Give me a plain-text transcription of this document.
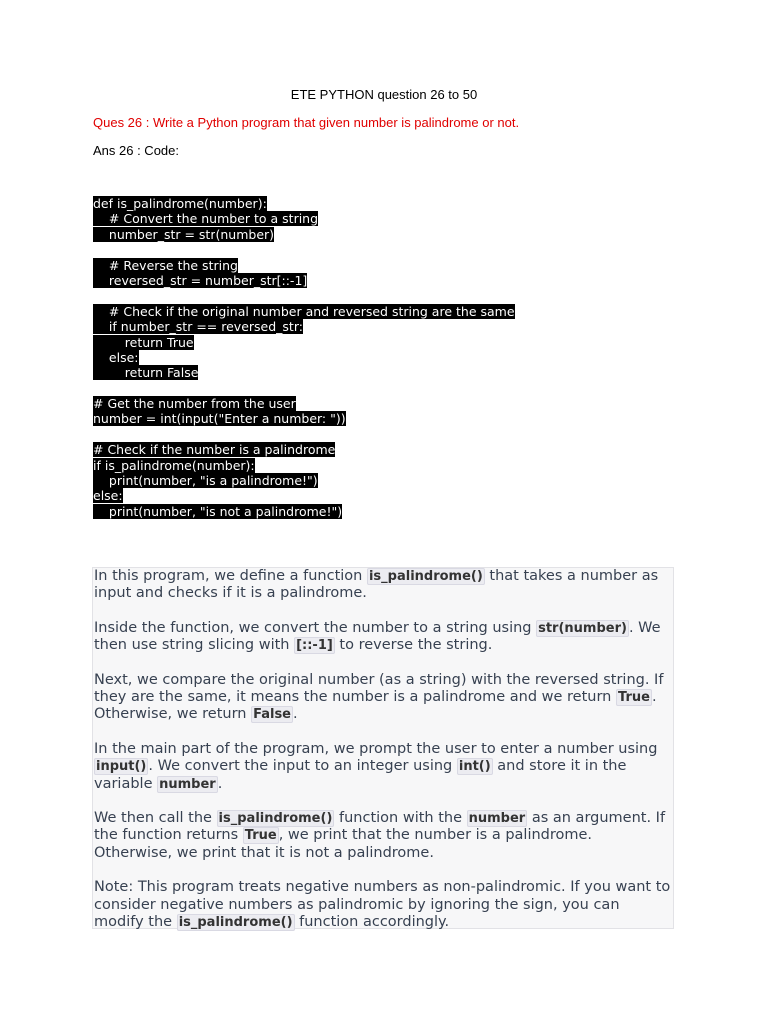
ETE PYTHON question 26 to 50

Ques 26 : Write a Python program that given number is palindrome or not.

Ans 26 : Code:

def is_palindrome(number):
# Convert the number to a string
number_str = str(number)
# Reverse the string
reversed_str = number_str[::-1]
# Check if the original number and reversed string are the same
if number_str == reversed_str:
return True
else:
return False
# Get the number from the user
number = int(input("Enter a number: "))
# Check if the number is a palindrome
if is_palindrome(number):
print(number, "is a palindrome!")
else:
print(number, "is not a palindrome!")

In this program, we define a function is_palindrome() that takes a number as input and checks if it is a palindrome.

Inside the function, we convert the number to a string using str(number) . We then use string slicing with [::-1] to reverse the string.

Next, we compare the original number (as a string) with the reversed string. If they are the same, it means the number is a palindrome and we return True . Otherwise, we return False .

In the main part of the program, we prompt the user to enter a number using input() . We convert the input to an integer using int() and store it in the variable number .

We then call the is_palindrome() function with the number as an argument. If the function returns True , we print that the number is a palindrome. Otherwise, we print that it is not a palindrome.

Note: This program treats negative numbers as non-palindromic. If you want to consider negative numbers as palindromic by ignoring the sign, you can modify the is_palindrome() function accordingly.
